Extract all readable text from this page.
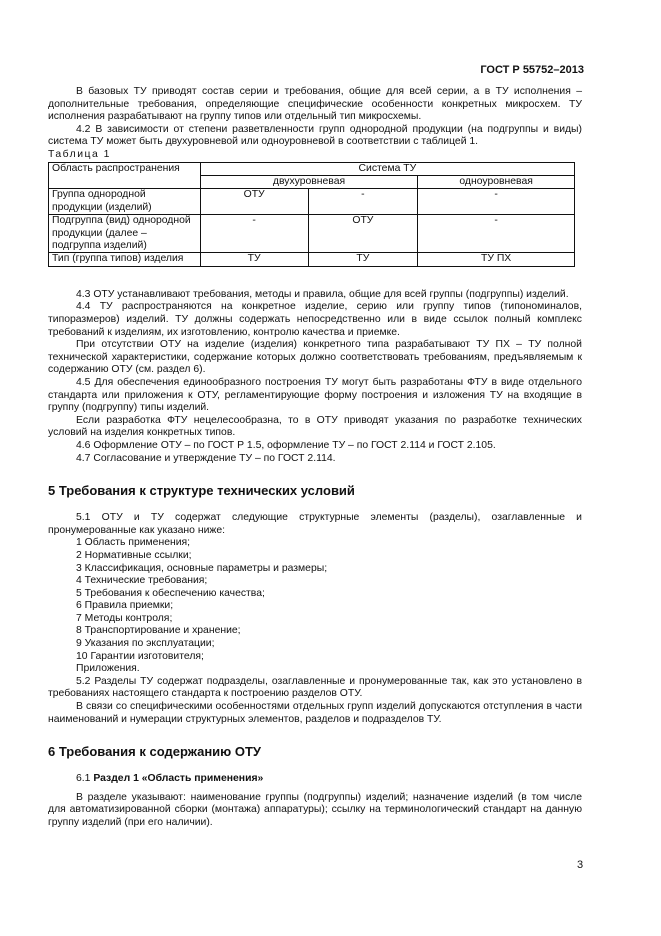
ГОСТ Р 55752–2013

В базовых ТУ приводят состав серии и требования, общие для всей серии, а в ТУ исполнения – дополнительные требования, определяющие специфические особенности конкретных микросхем. ТУ исполнения разрабатывают на группу типов или отдельный тип микросхемы.

4.2 В зависимости от степени разветвленности групп однородной продукции (на подгруппы и виды) система ТУ может быть двухуровневой или одноуровневой в соответствии с таблицей 1.

Таблица 1
Область распространения	Система ТУ		
	двухуровневая		одноуровневая
Группа однородной продукции (изделий)	ОТУ	-	-
Подгруппа (вид) однородной продукции (далее – подгруппа изделий)	-	ОТУ	-
Тип (группа типов) изделия	ТУ	ТУ	ТУ ПХ

4.3 ОТУ устанавливают требования, методы и правила, общие для всей группы (подгруппы) изделий.

4.4 ТУ распространяются на конкретное изделие, серию или группу типов (типономиналов, типоразмеров) изделий. ТУ должны содержать непосредственно или в виде ссылок полный комплекс требований к изделиям, их изготовлению, контролю качества и приемке.

При отсутствии ОТУ на изделие (изделия) конкретного типа разрабатывают ТУ ПХ – ТУ полной технической характеристики, содержание которых должно соответствовать требованиям, предъявляемым к содержанию ОТУ (см. раздел 6).

4.5 Для обеспечения единообразного построения ТУ могут быть разработаны ФТУ в виде отдельного стандарта или приложения к ОТУ, регламентирующие форму построения и изложения ТУ на входящие в группу (подгруппу) типы изделий.

Если разработка ФТУ нецелесообразна, то в ОТУ приводят указания по разработке технических условий на изделия конкретных типов.

4.6 Оформление ОТУ – по ГОСТ Р 1.5, оформление ТУ – по ГОСТ 2.114 и ГОСТ 2.105.

4.7 Согласование и утверждение ТУ – по ГОСТ 2.114.

5 Требования к структуре технических условий

5.1 ОТУ и ТУ содержат следующие структурные элементы (разделы), озаглавленные и пронумерованные как указано ниже:

1 Область применения;

2 Нормативные ссылки;

3 Классификация, основные параметры и размеры;

4 Технические требования;

5 Требования к обеспечению качества;

6 Правила приемки;

7 Методы контроля;

8 Транспортирование и хранение;

9 Указания по эксплуатации;

10 Гарантии изготовителя;

Приложения.

5.2 Разделы ТУ содержат подразделы, озаглавленные и пронумерованные так, как это установлено в требованиях настоящего стандарта к построению разделов ОТУ.

В связи со специфическими особенностями отдельных групп изделий допускаются отступления в части наименований и нумерации структурных элементов, разделов и подразделов ТУ.

6 Требования к содержанию ОТУ

6.1 Раздел 1 «Область применения»

В разделе указывают: наименование группы (подгруппы) изделий; назначение изделий (в том числе для автоматизированной сборки (монтажа) аппаратуры); ссылку на терминологический стандарт на данную группу изделий (при его наличии).

3
